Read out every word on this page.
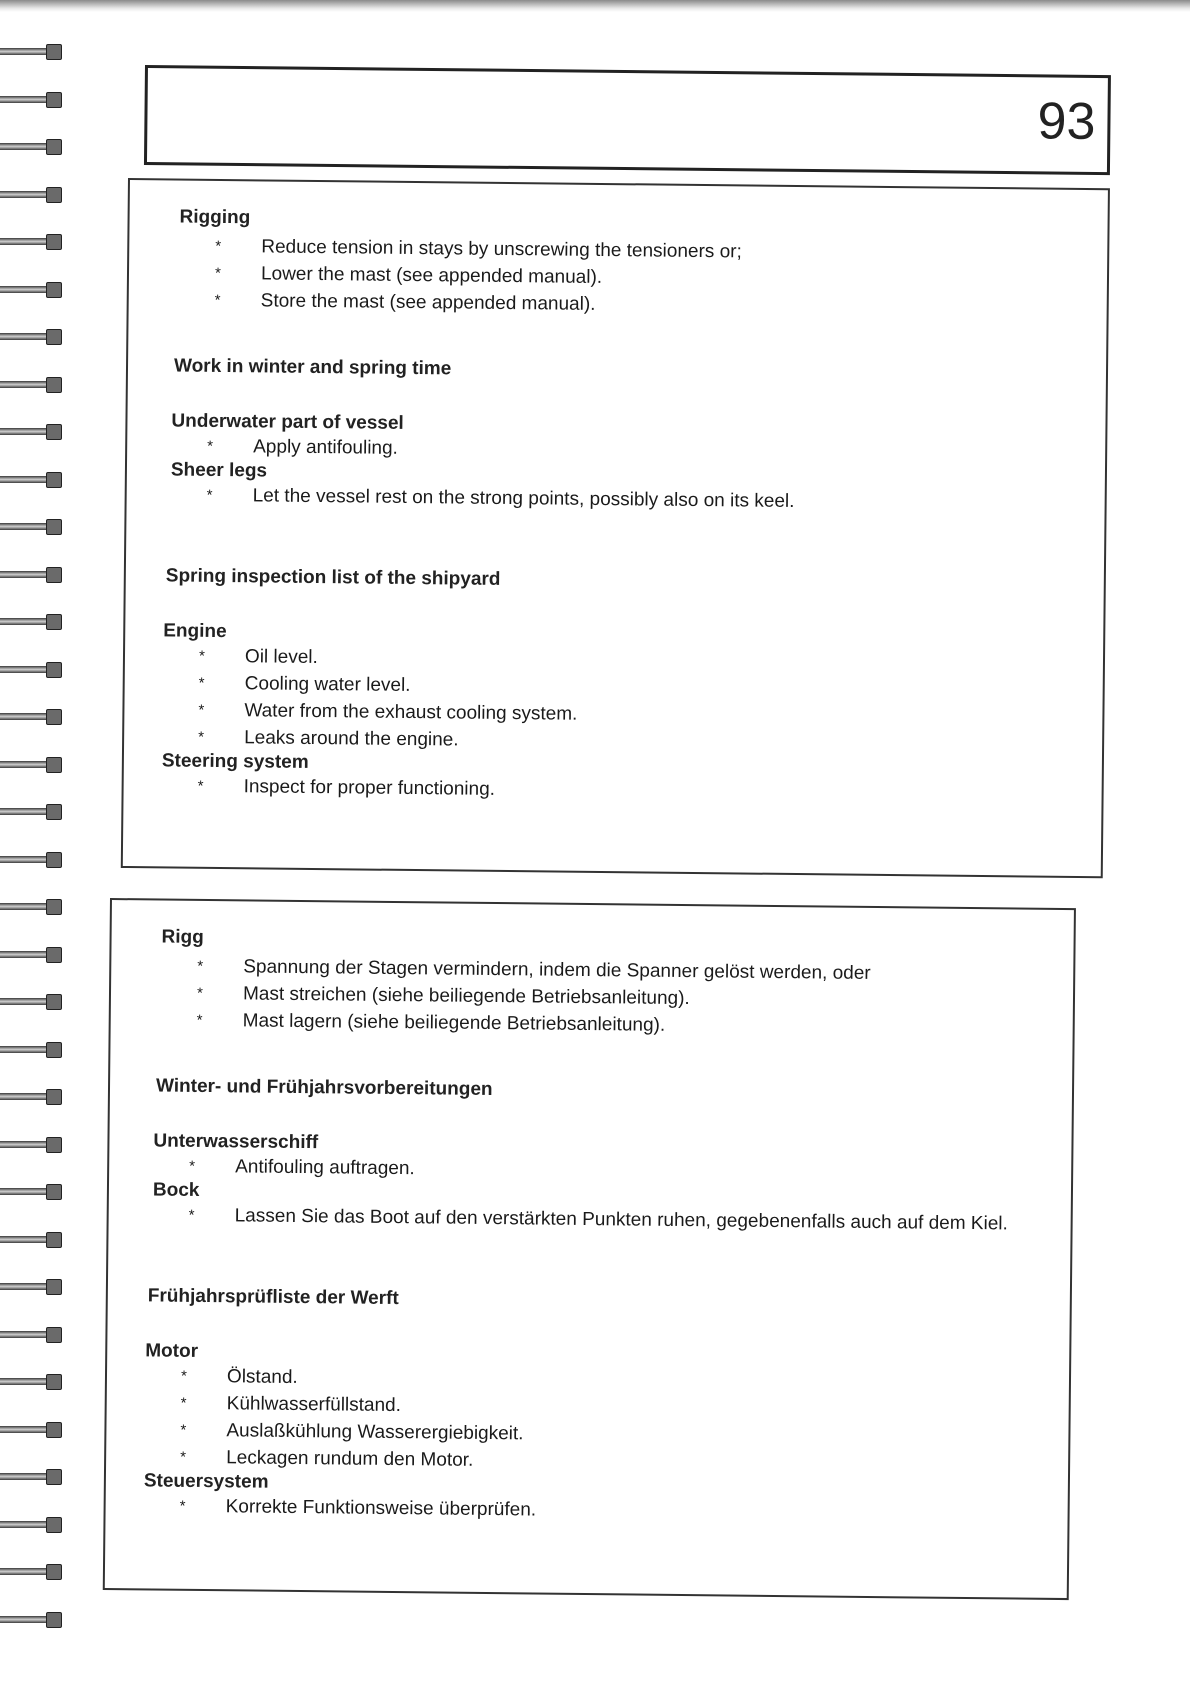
93
Rigging
* Reduce tension in stays by unscrewing the tensioners or;
* Lower the mast (see appended manual).
* Store the mast (see appended manual).
Work in winter and spring time
Underwater part of vessel
* Apply antifouling.
Sheer legs
* Let the vessel rest on the strong points, possibly also on its keel.
Spring inspection list of the shipyard
Engine
* Oil level.
* Cooling water level.
* Water from the exhaust cooling system.
* Leaks around the engine.
Steering system
* Inspect for proper functioning.
Rigg
* Spannung der Stagen vermindern, indem die Spanner gelöst werden, oder
* Mast streichen (siehe beiliegende Betriebsanleitung).
* Mast lagern (siehe beiliegende Betriebsanleitung).
Winter- und Frühjahrsvorbereitungen
Unterwasserschiff
* Antifouling auftragen.
Bock
* Lassen Sie das Boot auf den verstärkten Punkten ruhen, gegebenenfalls auch auf dem Kiel.
Frühjahrsprüfliste der Werft
Motor
* Ölstand.
* Kühlwasserfüllstand.
* Auslaßkühlung Wasserergiebigkeit.
* Leckagen rundum den Motor.
Steuersystem
* Korrekte Funktionsweise überprüfen.
